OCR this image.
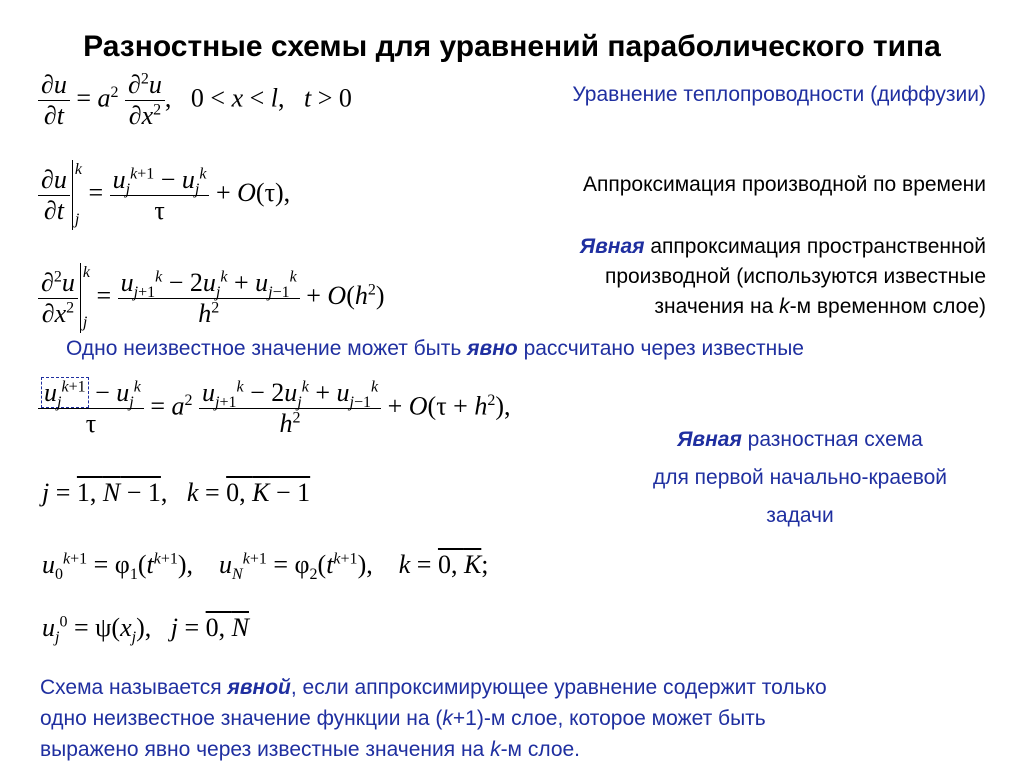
Разностные схемы для уравнений параболического типа
$\frac{\partial u}{\partial t} = a^2 \frac{\partial^2u}{\partial x^2}$ ,   0 < x < l,   t > 0	Уравнение теплопроводности (диффузии)
$\frac{\partial u}{\partial t}$ k
$j = \frac{u_j^{k+1} - u_j^k}{\tau} + O(\tau)$,	Аппроксимация производной по времени
$\frac{\partial^2u}{\partial x^2}$ k
$j = \frac{u_{j+1}^k - 2u_j^k + u_{j-1}^k}{h^2} + O(h^2)$
Явная аппроксимация пространственной
производной (используются известные
значения на k-м временном слое)
Одно неизвестное значение может быть явно рассчитано через известные
$\frac{u_j^{k+1} - u_j^k}{\tau} = a^2 \frac{u_{j+1}^k - 2u_j^k + u_{j-1}^k}{h^2} + O(\tau + h^2)$,
j = 1, N − 1,   k = 0, K − 1
Явная разностная схема
для первой начально-краевой
задачи
$u_0^{k+1} = \varphi_1(t^{k+1})$,    $u_N^{k+1} = \varphi_2(t^{k+1})$,    k = 0, K;
$u_j^0 = \psi(x_j)$,   j = 0, N
Схема называется явной, если аппроксимирующее уравнение содержит только
одно неизвестное значение функции на (k+1)-м слое, которое может быть
выражено явно через известные значения на k-м слое.
